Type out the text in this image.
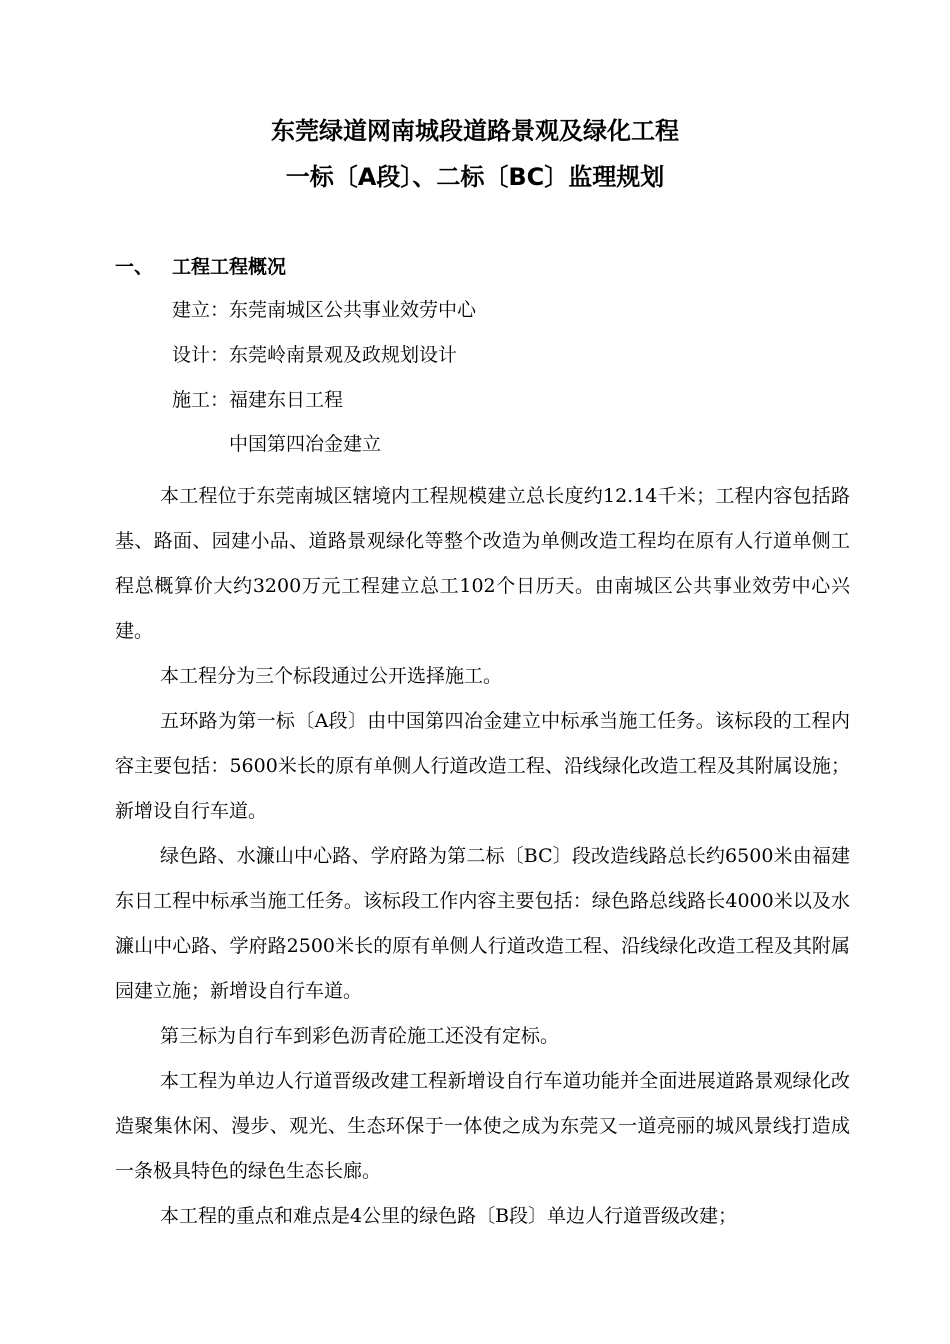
东莞绿道网南城段道路景观及绿化工程
一标〔A段〕、二标〔BC〕监理规划
一、 工程工程概况
建立：东莞南城区公共事业效劳中心
设计：东莞岭南景观及政规划设计
施工：福建东日工程
中国第四冶金建立

本工程位于东莞南城区辖境内工程规模建立总长度约12.14千米；工程内容包括路基、路面、园建小品、道路景观绿化等整个改造为单侧改造工程均在原有人行道单侧工程总概算价大约3200万元工程建立总工102个日历天。由南城区公共事业效劳中心兴建。

本工程分为三个标段通过公开选择施工。

五环路为第一标〔A段〕由中国第四冶金建立中标承当施工任务。该标段的工程内容主要包括：5600米长的原有单侧人行道改造工程、沿线绿化改造工程及其附属设施；新增设自行车道。

绿色路、水濂山中心路、学府路为第二标〔BC〕段改造线路总长约6500米由福建东日工程中标承当施工任务。该标段工作内容主要包括：绿色路总线路长4000米以及水濂山中心路、学府路2500米长的原有单侧人行道改造工程、沿线绿化改造工程及其附属园建立施；新增设自行车道。

第三标为自行车到彩色沥青砼施工还没有定标。

本工程为单边人行道晋级改建工程新增设自行车道功能并全面进展道路景观绿化改造聚集休闲、漫步、观光、生态环保于一体使之成为东莞又一道亮丽的城风景线打造成一条极具特色的绿色生态长廊。

本工程的重点和难点是4公里的绿色路〔B段〕单边人行道晋级改建；
